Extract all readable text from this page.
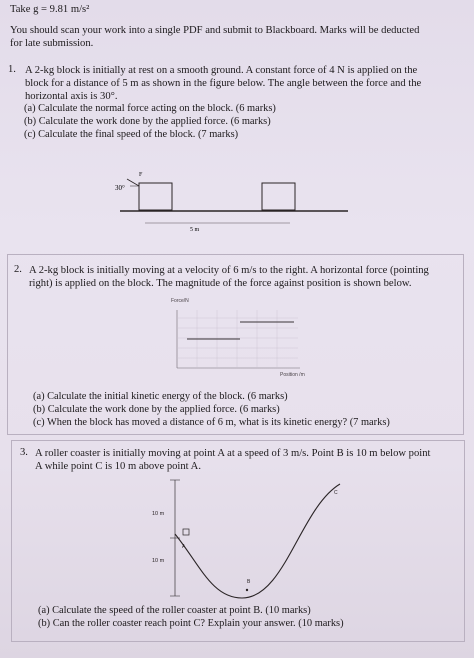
Take g = 9.81 m/s²
You should scan your work into a single PDF and submit to Blackboard. Marks will be deducted
for late submission.
1. A 2-kg block is initially at rest on a smooth ground. A constant force of 4 N is applied on the
block for a distance of 5 m as shown in the figure below. The angle between the force and the
horizontal axis is 30°.
(a) Calculate the normal force acting on the block. (6 marks)
(b) Calculate the work done by the applied force. (6 marks)
(c) Calculate the final speed of the block. (7 marks)
F
30°
5 m
2. A 2-kg block is initially moving at a velocity of 6 m/s to the right. A horizontal force (pointing
right) is applied on the block. The magnitude of the force against position is shown below.
Force/N
Position /m
(a) Calculate the initial kinetic energy of the block. (6 marks)
(b) Calculate the work done by the applied force. (6 marks)
(c) When the block has moved a distance of 6 m, what is its kinetic energy? (7 marks)
3. A roller coaster is initially moving at point A at a speed of 3 m/s. Point B is 10 m below point
A while point C is 10 m above point A.
10 m
10 m
A
B
C
(a) Calculate the speed of the roller coaster at point B. (10 marks)
(b) Can the roller coaster reach point C? Explain your answer. (10 marks)
